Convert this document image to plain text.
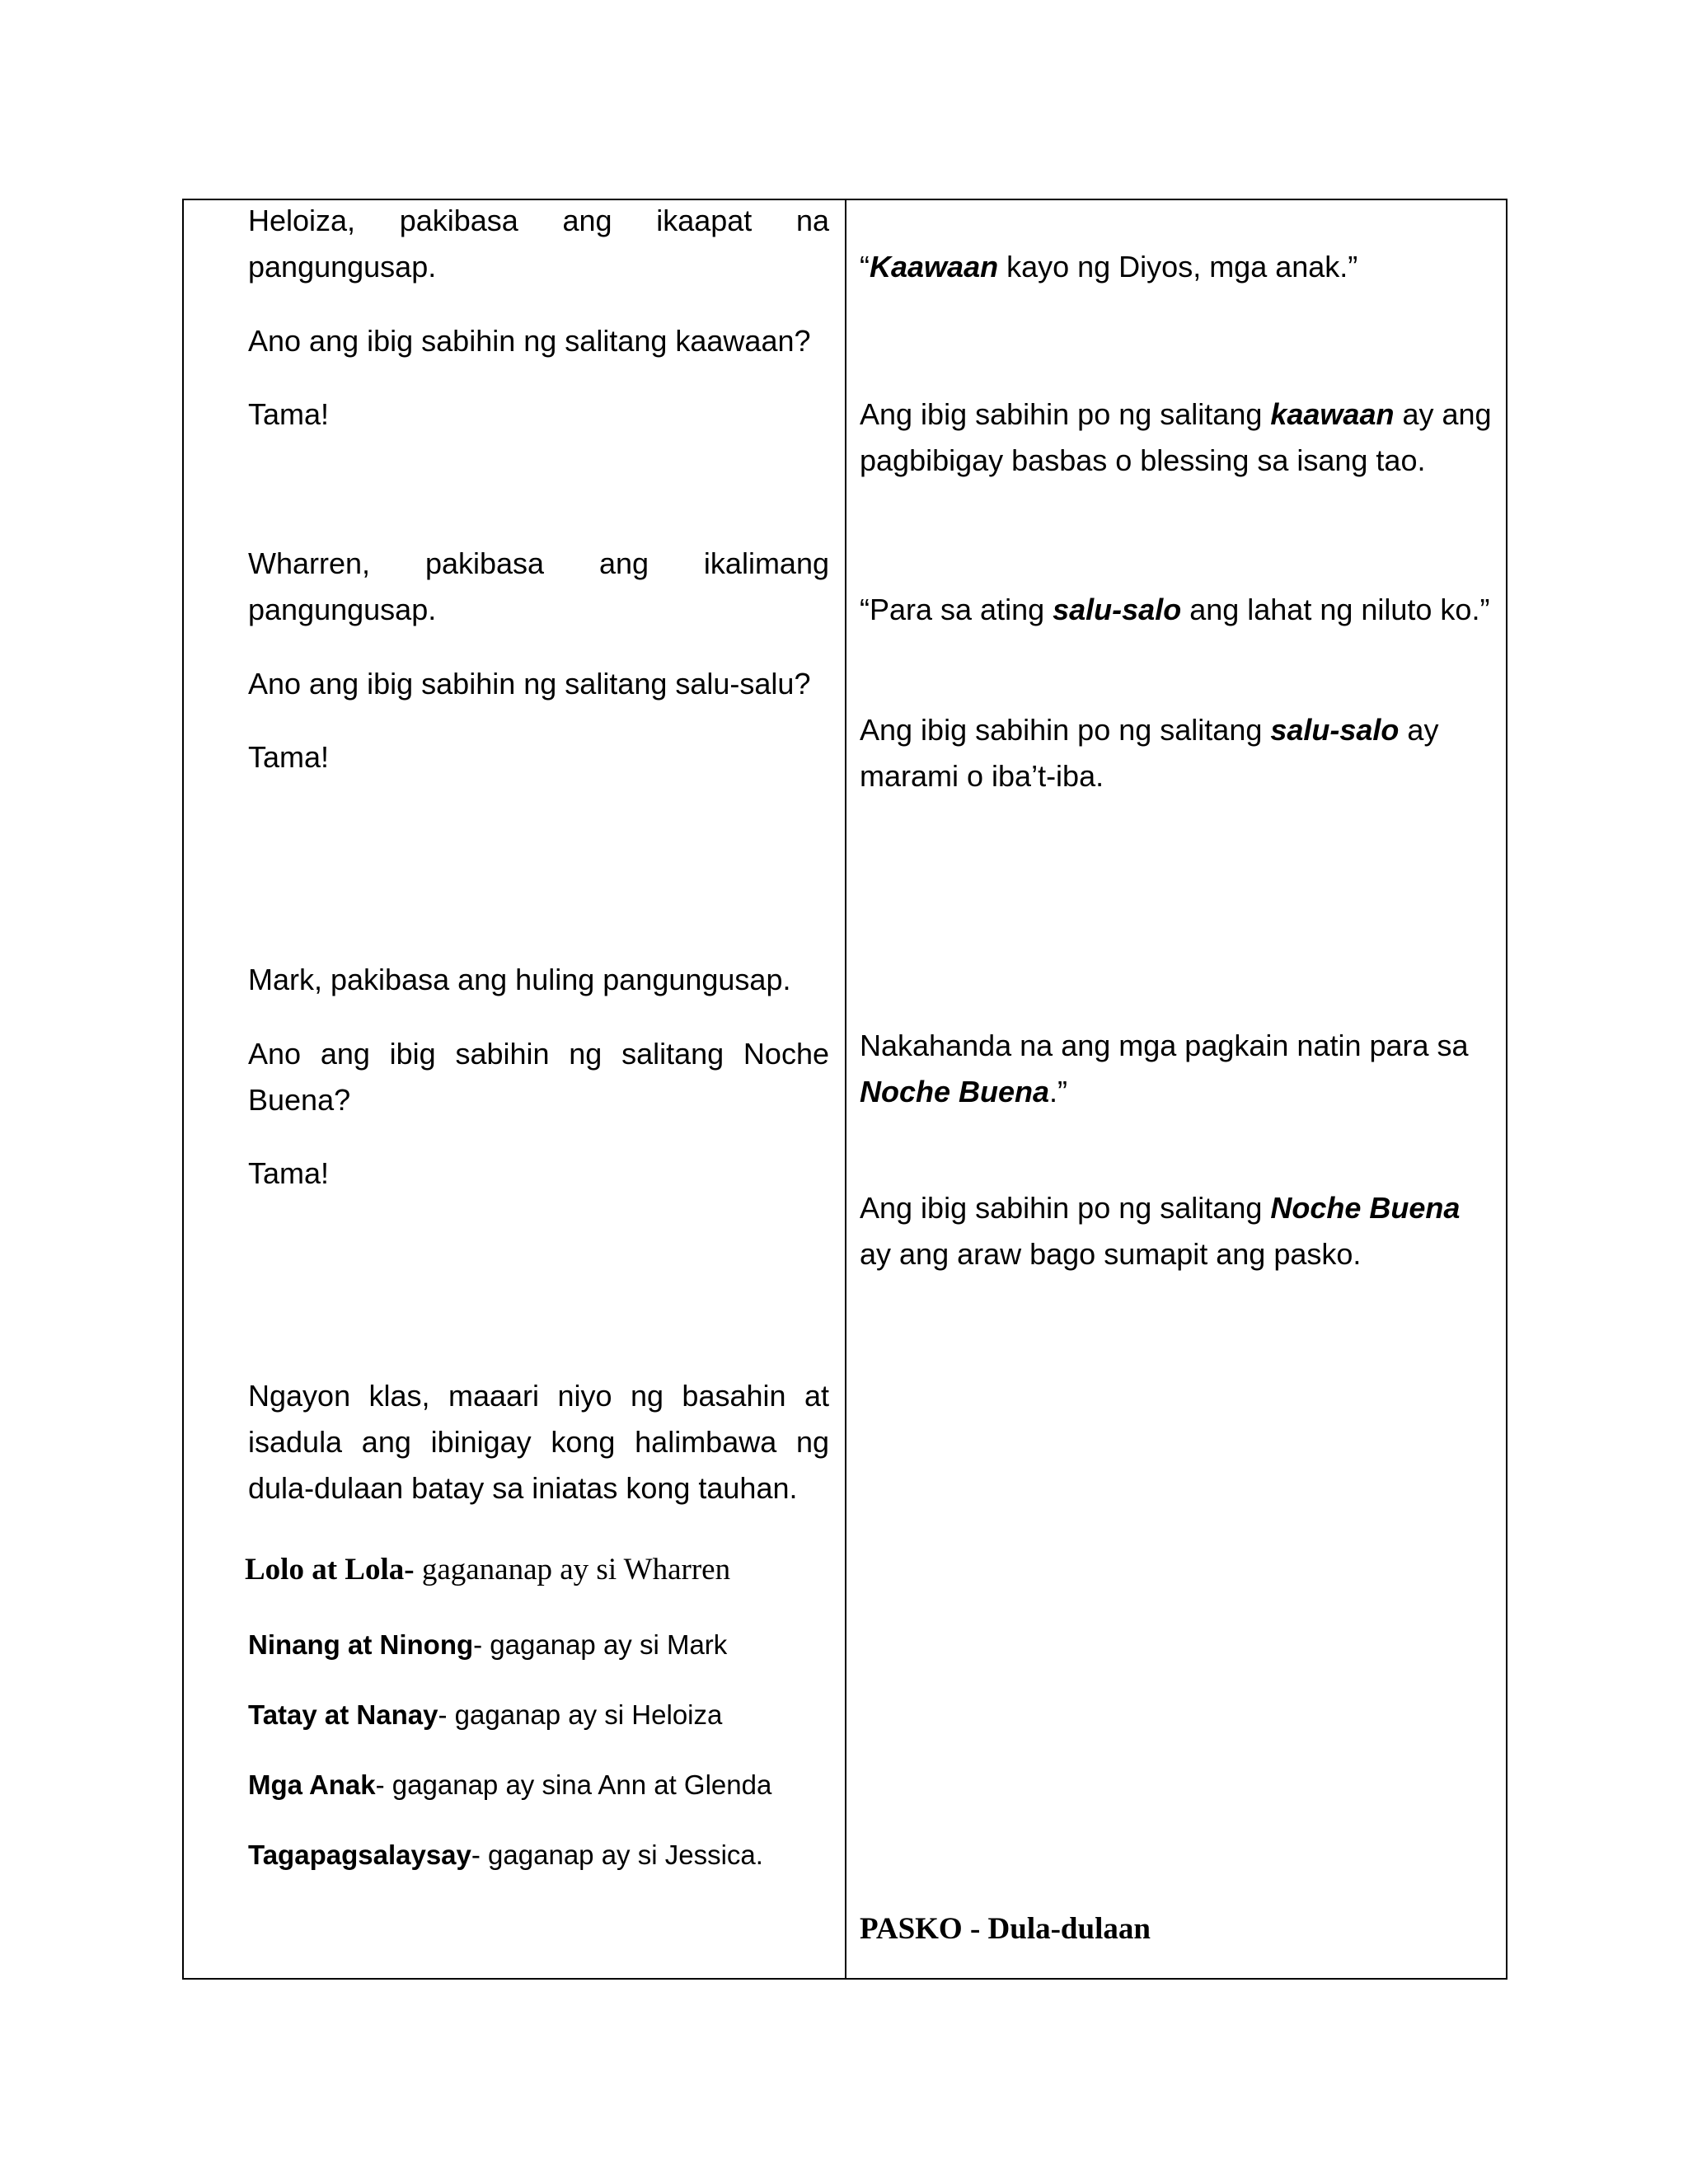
Heloiza, pakibasa ang ikaapat na pangungusap.

Ano ang ibig sabihin ng salitang kaawaan?

Tama!

Wharren, pakibasa ang ikalimang pangungusap.

Ano ang ibig sabihin ng salitang salu-salu?

Tama!

Mark, pakibasa ang huling pangungusap.

Ano ang ibig sabihin ng salitang Noche Buena?

Tama!

Ngayon klas, maaari niyo ng basahin at isadula ang ibinigay kong halimbawa ng dula-dulaan batay sa iniatas kong tauhan.

Lolo at Lola- gagananap ay si Wharren

Ninang at Ninong- gaganap ay si Mark

Tatay at Nanay- gaganap ay si Heloiza

Mga Anak- gaganap ay sina Ann at Glenda

Tagapagsalaysay- gaganap ay si Jessica.

“Kaawaan kayo ng Diyos, mga anak.”

Ang ibig sabihin po ng salitang kaawaan ay ang pagbibigay basbas o blessing sa isang tao.

“Para sa ating salu-salo ang lahat ng niluto ko.”

Ang ibig sabihin po ng salitang salu-salo ay marami o iba’t-iba.

Nakahanda na ang mga pagkain natin para sa Noche Buena.”

Ang ibig sabihin po ng salitang Noche Buena ay ang araw bago sumapit ang pasko.

PASKO - Dula-dulaan
